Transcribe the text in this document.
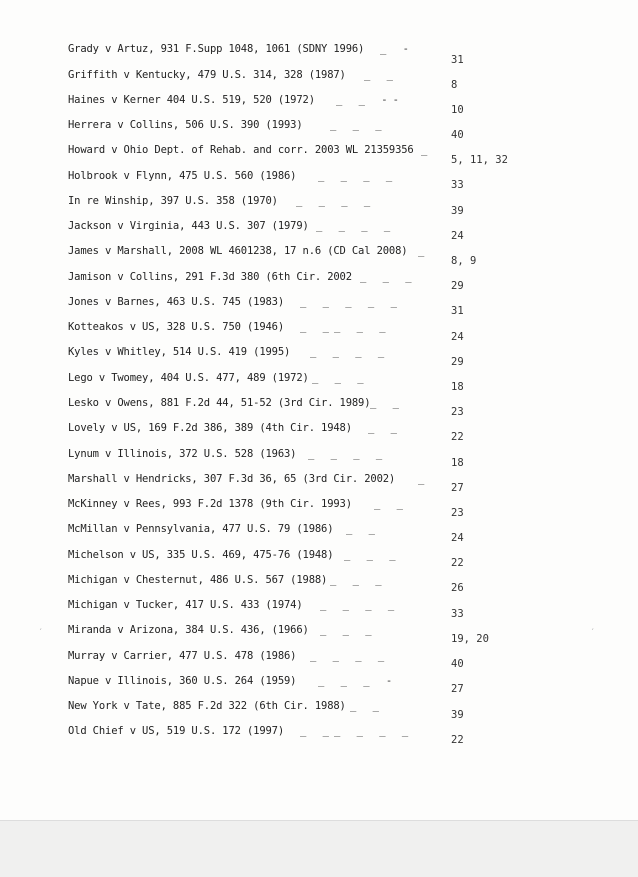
′	′
Grady v Artuz, 931 F.Supp 1048, 1061 (SDNY 1996) _ -
31
Griffith v Kentucky, 479 U.S. 314, 328 (1987) _ _
8
Haines v Kerner 404 U.S. 519, 520 (1972) _ _ --
10
Herrera v Collins, 506 U.S. 390 (1993)	_ _ _
40
Howard v Ohio Dept. of Rehab. and corr. 2003 WL 21359356 _
5, 11, 32
Holbrook v Flynn, 475 U.S. 560 (1986) _ _ _ _
33
In re Winship, 397 U.S. 358 (1970) _ _ _ _
39
Jackson v Virginia, 443 U.S. 307 (1979) _ _ _ _
24
James v Marshall, 2008 WL 4601238, 17 n.6 (CD Cal 2008) _
8, 9
Jamison v Collins, 291 F.3d 380 (6th Cir. 2002 _ _ _
29
Jones v Barnes, 463 U.S. 745 (1983) _ _ _ _ _
31
Kotteakos v US, 328 U.S. 750 (1946) _ __ _ _
24
Kyles v Whitley, 514 U.S. 419 (1995) _ _ _ _
29
Lego v Twomey, 404 U.S. 477, 489 (1972) _ _ _
18
Lesko v Owens, 881 F.2d 44, 51-52 (3rd Cir. 1989) _ _
23
Lovely v US, 169 F.2d 386, 389 (4th Cir. 1948) _ _
22
Lynum v Illinois, 372 U.S. 528 (1963) _ _ _ _
18
Marshall v Hendricks, 307 F.3d 36, 65 (3rd Cir. 2002) _
27
McKinney v Rees, 993 F.2d 1378 (9th Cir. 1993) _ _
23
McMillan v Pennsylvania, 477 U.S. 79 (1986) _ _
24
Michelson v US, 335 U.S. 469, 475-76 (1948) _ _ _
22
Michigan v Chesternut, 486 U.S. 567 (1988) _ _ _
26
Michigan v Tucker, 417 U.S. 433 (1974) _ _ _ _
33
Miranda v Arizona, 384 U.S. 436, (1966) _ _ _
19, 20
Murray v Carrier, 477 U.S. 478 (1986) _ _ _ _
40
Napue v Illinois, 360 U.S. 264 (1959) _ _ _ -
27
New York v Tate, 885 F.2d 322 (6th Cir. 1988) _ _
39
Old Chief v US, 519 U.S. 172 (1997) _ __ _ _ _
22
